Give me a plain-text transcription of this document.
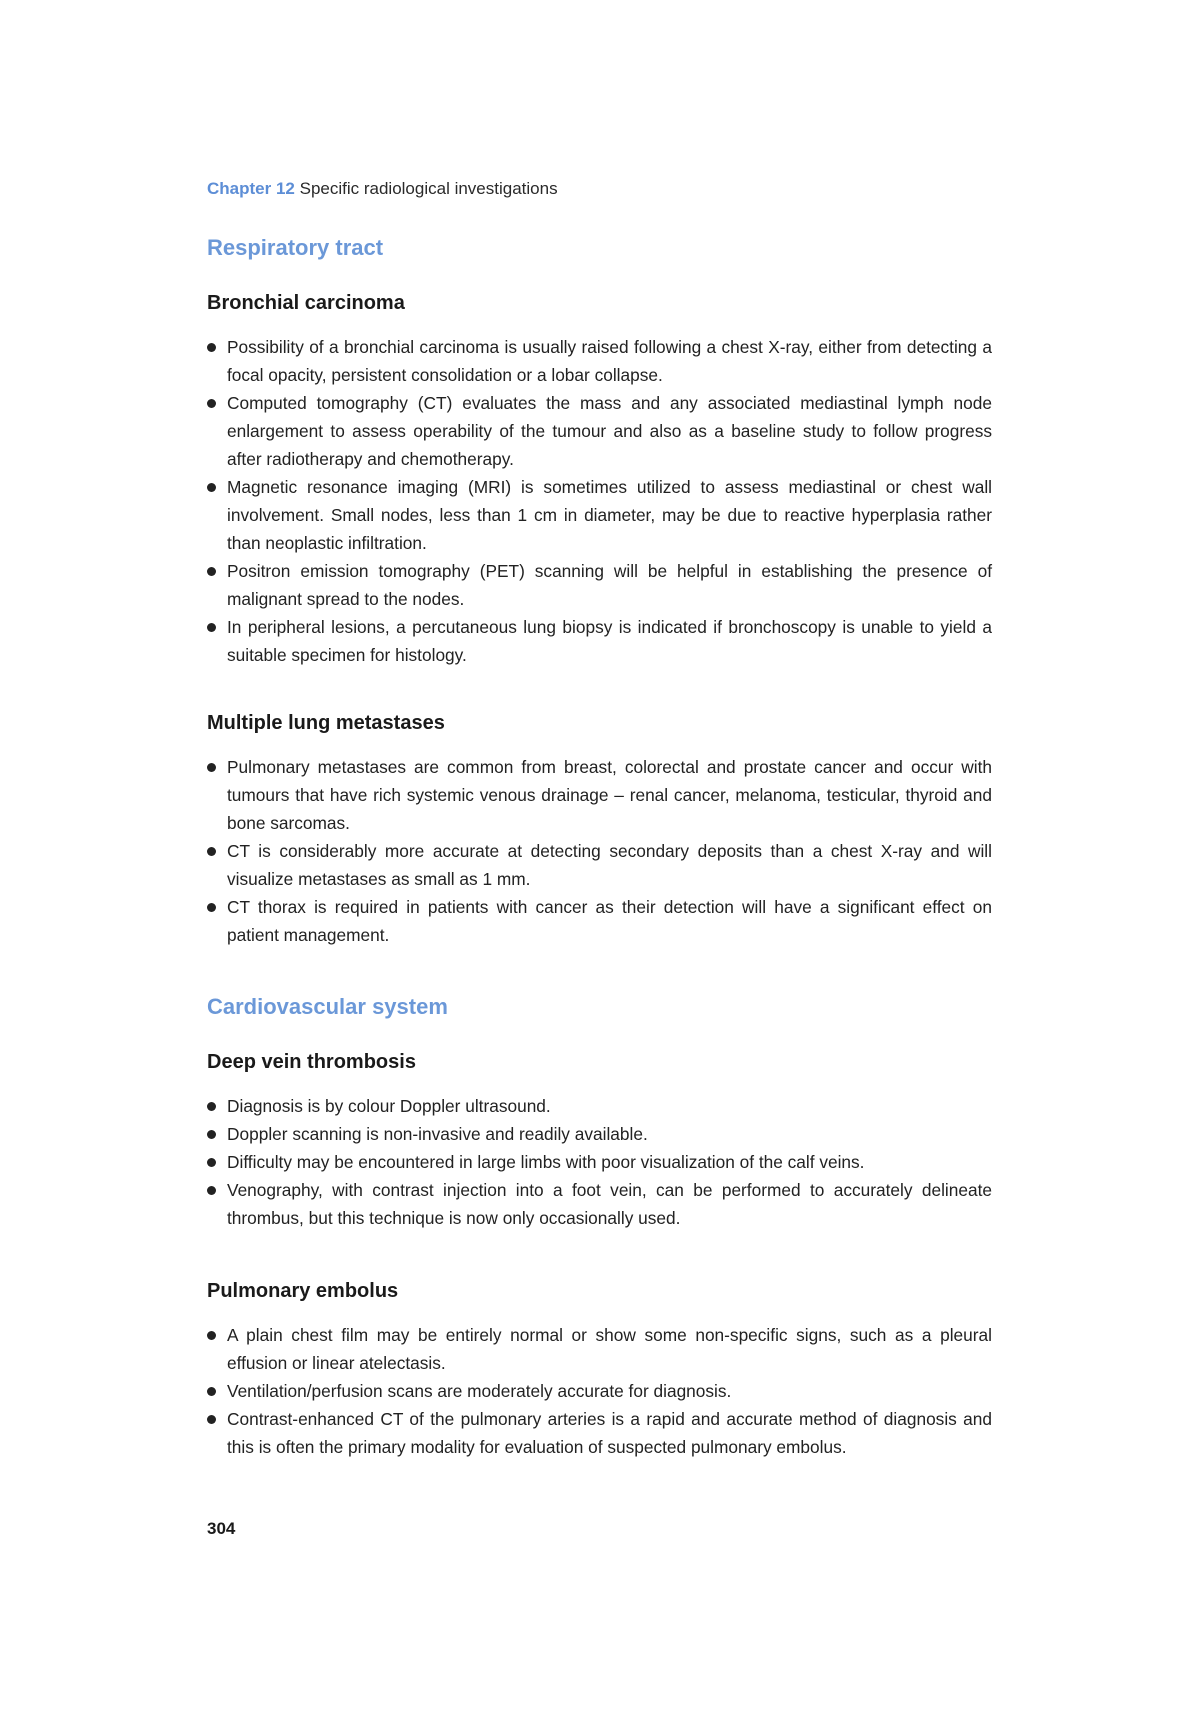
Chapter 12 Specific radiological investigations
Respiratory tract
Bronchial carcinoma
Possibility of a bronchial carcinoma is usually raised following a chest X-ray, either from detecting a focal opacity, persistent consolidation or a lobar collapse.
Computed tomography (CT) evaluates the mass and any associated mediastinal lymph node enlargement to assess operability of the tumour and also as a baseline study to follow progress after radiotherapy and chemotherapy.
Magnetic resonance imaging (MRI) is sometimes utilized to assess mediastinal or chest wall involvement. Small nodes, less than 1 cm in diameter, may be due to reactive hyperplasia rather than neoplastic infiltration.
Positron emission tomography (PET) scanning will be helpful in establishing the presence of malignant spread to the nodes.
In peripheral lesions, a percutaneous lung biopsy is indicated if bronchoscopy is unable to yield a suitable specimen for histology.
Multiple lung metastases
Pulmonary metastases are common from breast, colorectal and prostate cancer and occur with tumours that have rich systemic venous drainage – renal cancer, melanoma, testicular, thyroid and bone sarcomas.
CT is considerably more accurate at detecting secondary deposits than a chest X-ray and will visualize metastases as small as 1 mm.
CT thorax is required in patients with cancer as their detection will have a significant effect on patient management.
Cardiovascular system
Deep vein thrombosis
Diagnosis is by colour Doppler ultrasound.
Doppler scanning is non-invasive and readily available.
Difficulty may be encountered in large limbs with poor visualization of the calf veins.
Venography, with contrast injection into a foot vein, can be performed to accurately delineate thrombus, but this technique is now only occasionally used.
Pulmonary embolus
A plain chest film may be entirely normal or show some non-specific signs, such as a pleural effusion or linear atelectasis.
Ventilation/perfusion scans are moderately accurate for diagnosis.
Contrast-enhanced CT of the pulmonary arteries is a rapid and accurate method of diagnosis and this is often the primary modality for evaluation of suspected pulmonary embolus.
304
